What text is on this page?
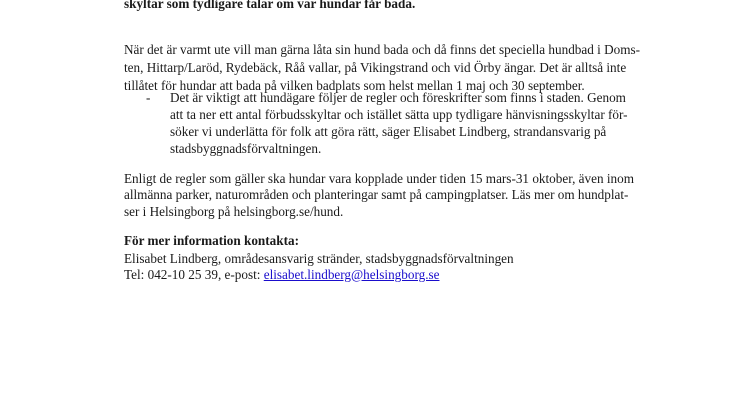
skyltar som tydligare talar om var hundar får bada.
När det är varmt ute vill man gärna låta sin hund bada och då finns det speciella hundbad i Doms-
ten, Hittarp/Laröd, Rydebäck, Råå vallar, på Vikingstrand och vid Örby ängar. Det är alltså inte
tillåtet för hundar att bada på vilken badplats som helst mellan 1 maj och 30 september.
- Det är viktigt att hundägare följer de regler och föreskrifter som finns i staden. Genom
att ta ner ett antal förbudsskyltar och istället sätta upp tydligare hänvisningsskyltar för-
söker vi underlätta för folk att göra rätt, säger Elisabet Lindberg, strandansvarig på
stadsbyggnadsförvaltningen.
Enligt de regler som gäller ska hundar vara kopplade under tiden 15 mars-31 oktober, även inom
allmänna parker, naturområden och planteringar samt på campingplatser. Läs mer om hundplat-
ser i Helsingborg på helsingborg.se/hund.
För mer information kontakta:
Elisabet Lindberg, områdesansvarig stränder, stadsbyggnadsförvaltningen
Tel: 042-10 25 39, e-post: elisabet.lindberg@helsingborg.se
